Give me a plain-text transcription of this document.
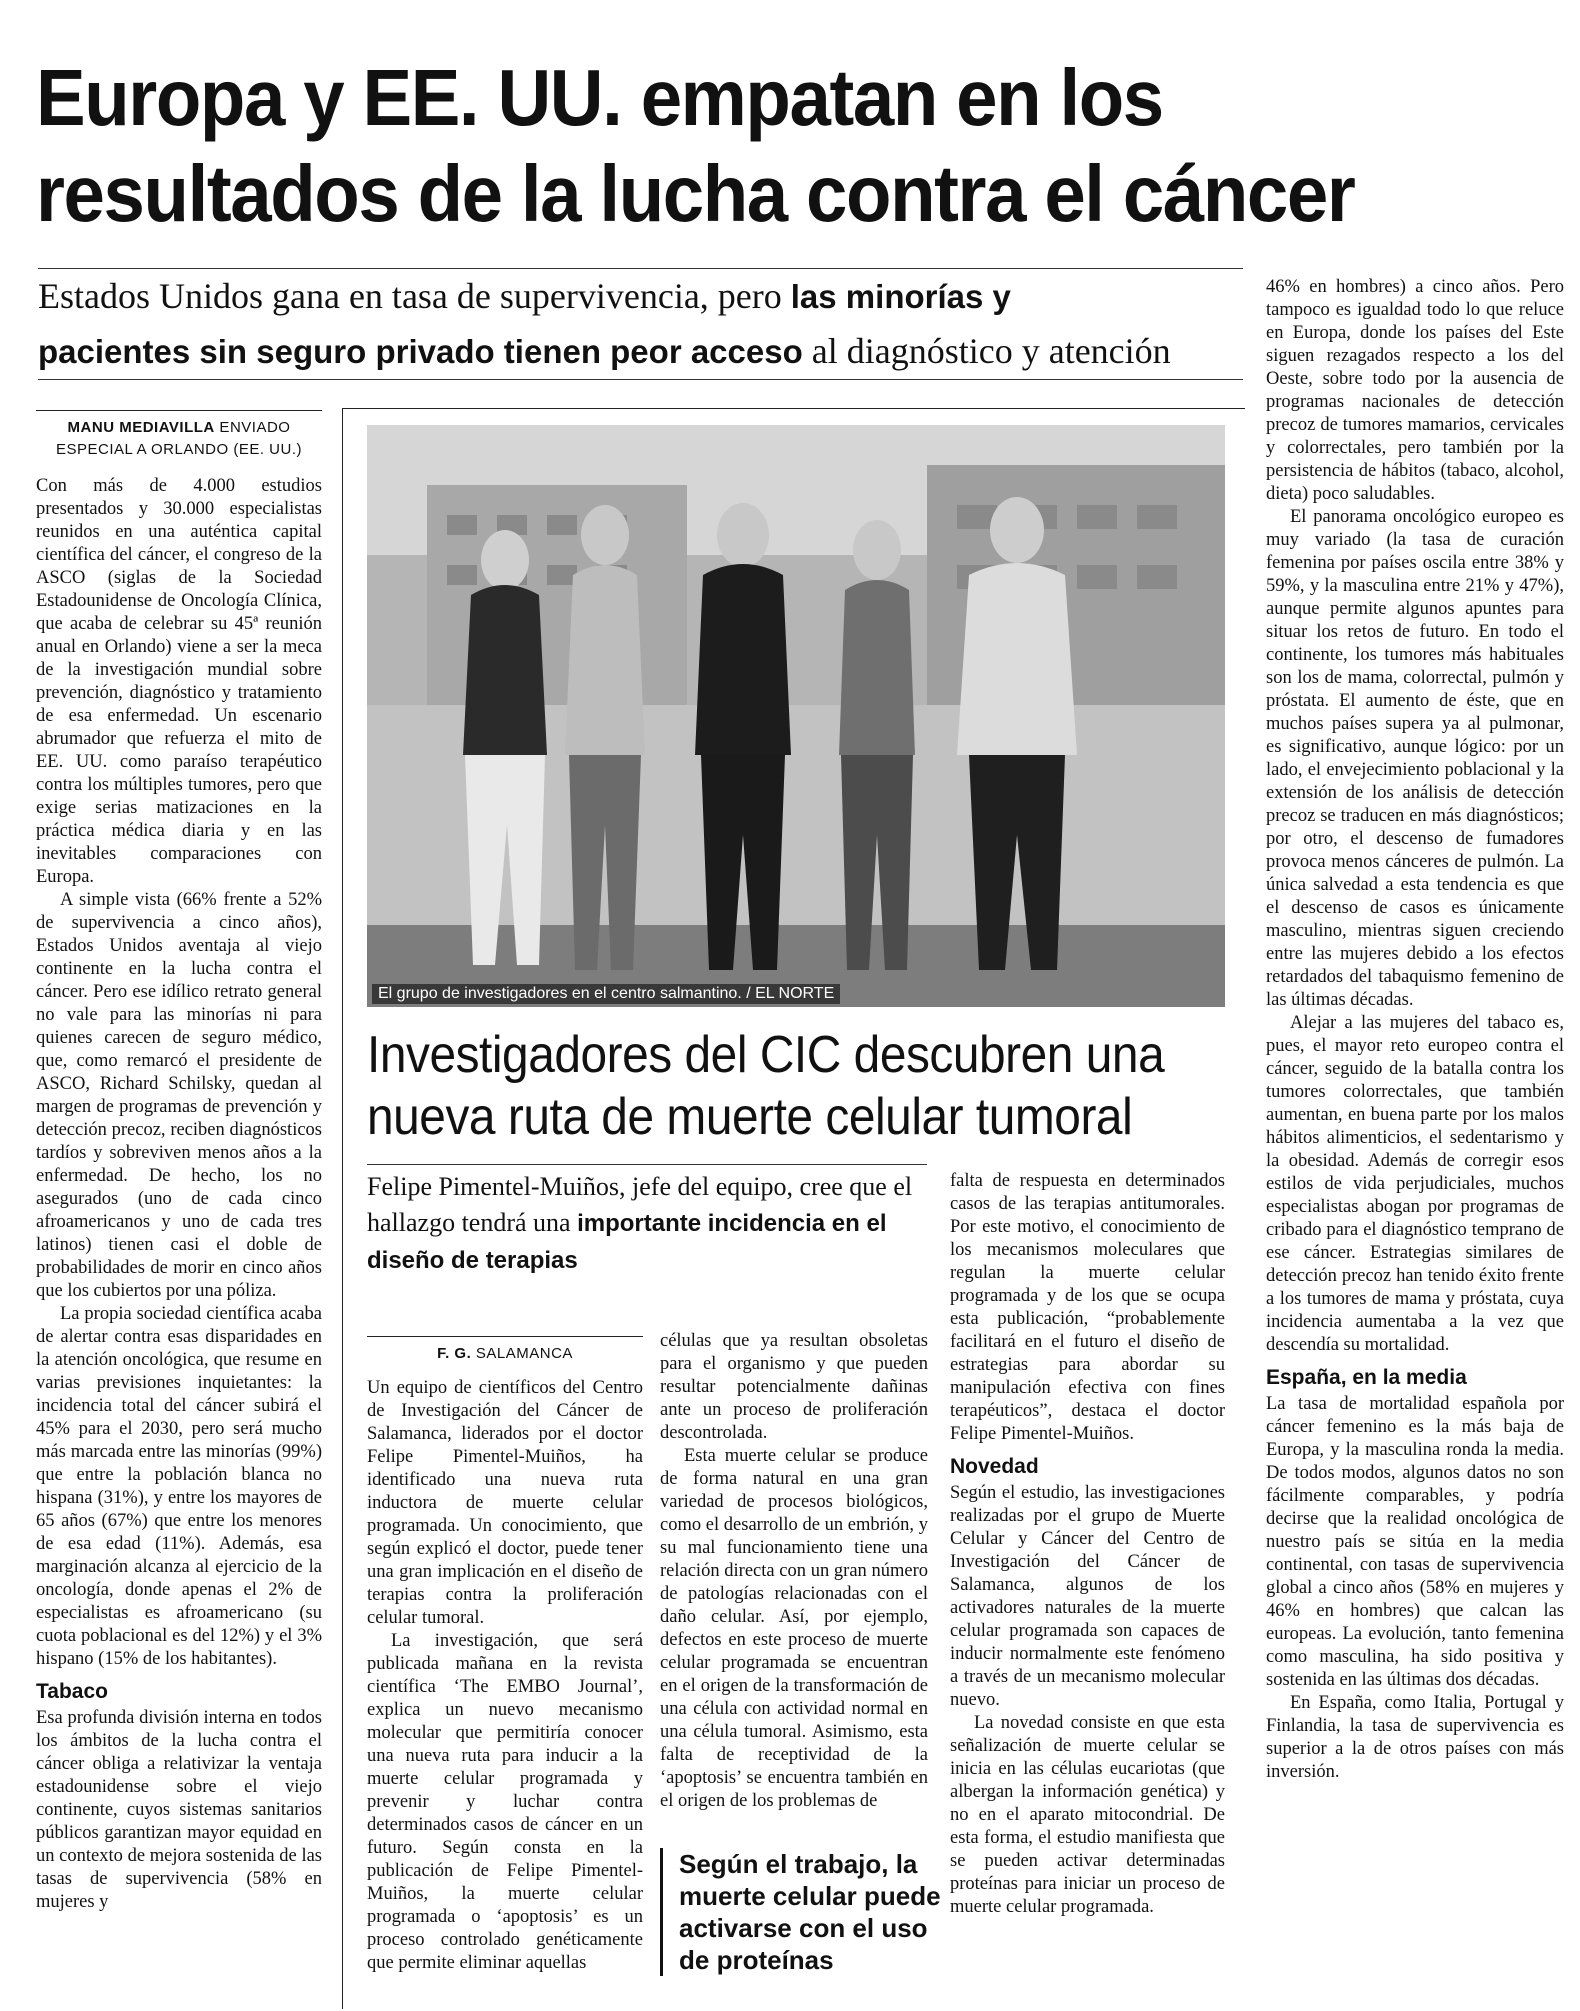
Europa y EE. UU. empatan en los
resultados de la lucha contra el cáncer
Estados Unidos gana en tasa de supervivencia, pero las minorías y
pacientes sin seguro privado tienen peor acceso al diagnóstico y atención
MANU MEDIAVILLA ENVIADO
ESPECIAL A ORLANDO (EE. UU.)

Con más de 4.000 estudios presentados y 30.000 especialistas reunidos en una auténtica capital científica del cáncer, el congreso de la ASCO (siglas de la Sociedad Estadounidense de Oncología Clínica, que acaba de celebrar su 45ª reunión anual en Orlando) viene a ser la meca de la investigación mundial sobre prevención, diagnóstico y tratamiento de esa enfermedad. Un escenario abrumador que refuerza el mito de EE. UU. como paraíso terapéutico contra los múltiples tumores, pero que exige serias matizaciones en la práctica médica diaria y en las inevitables comparaciones con Europa.

A simple vista (66% frente a 52% de supervivencia a cinco años), Estados Unidos aventaja al viejo continente en la lucha contra el cáncer. Pero ese idílico retrato general no vale para las minorías ni para quienes carecen de seguro médico, que, como remarcó el presidente de ASCO, Richard Schilsky, quedan al margen de programas de prevención y detección precoz, reciben diagnósticos tardíos y sobreviven menos años a la enfermedad. De hecho, los no asegurados (uno de cada cinco afroamericanos y uno de cada tres latinos) tienen casi el doble de probabilidades de morir en cinco años que los cubiertos por una póliza.

La propia sociedad científica acaba de alertar contra esas disparidades en la atención oncológica, que resume en varias previsiones inquietantes: la incidencia total del cáncer subirá el 45% para el 2030, pero será mucho más marcada entre las minorías (99%) que entre la población blanca no hispana (31%), y entre los mayores de 65 años (67%) que entre los menores de esa edad (11%). Además, esa marginación alcanza al ejercicio de la oncología, donde apenas el 2% de especialistas es afroamericano (su cuota poblacional es del 12%) y el 3% hispano (15% de los habitantes).

Tabaco

Esa profunda división interna en todos los ámbitos de la lucha contra el cáncer obliga a relativizar la ventaja estadounidense sobre el viejo continente, cuyos sistemas sanitarios públicos garantizan mayor equidad en un contexto de mejora sostenida de las tasas de supervivencia (58% en mujeres y

El grupo de investigadores en el centro salmantino. / EL NORTE
Investigadores del CIC descubren una
nueva ruta de muerte celular tumoral
Felipe Pimentel-Muiños, jefe del equipo, cree que el hallazgo tendrá una importante incidencia en el diseño de terapias
F. G. SALAMANCA

Un equipo de científicos del Centro de Investigación del Cáncer de Salamanca, liderados por el doctor Felipe Pimentel-Muiños, ha identificado una nueva ruta inductora de muerte celular programada. Un conocimiento, que según explicó el doctor, puede tener una gran implicación en el diseño de terapias contra la proliferación celular tumoral.

La investigación, que será publicada mañana en la revista científica ‘The EMBO Journal’, explica un nuevo mecanismo molecular que permitiría conocer una nueva ruta para inducir a la muerte celular programada y prevenir y luchar contra determinados casos de cáncer en un futuro. Según consta en la publicación de Felipe Pimentel-Muiños, la muerte celular programada o ‘apoptosis’ es un proceso controlado genéticamente que permite eliminar aquellas

células que ya resultan obsoletas para el organismo y que pueden resultar potencialmente dañinas ante un proceso de proliferación descontrolada.

Esta muerte celular se produce de forma natural en una gran variedad de procesos biológicos, como el desarrollo de un embrión, y su mal funcionamiento tiene una relación directa con un gran número de patologías relacionadas con el daño celular. Así, por ejemplo, defectos en este proceso de muerte celular programada se encuentran en el origen de la transformación de una célula con actividad normal en una célula tumoral. Asimismo, esta falta de receptividad de la ‘apoptosis’ se encuentra también en el origen de los problemas de

Según el trabajo, la muerte celular puede activarse con el uso de proteínas

falta de respuesta en determinados casos de las terapias antitumorales. Por este motivo, el conocimiento de los mecanismos moleculares que regulan la muerte celular programada y de los que se ocupa esta publicación, “probablemente facilitará en el futuro el diseño de estrategias para abordar su manipulación efectiva con fines terapéuticos”, destaca el doctor Felipe Pimentel-Muiños.

Novedad

Según el estudio, las investigaciones realizadas por el grupo de Muerte Celular y Cáncer del Centro de Investigación del Cáncer de Salamanca, algunos de los activadores naturales de la muerte celular programada son capaces de inducir normalmente este fenómeno a través de un mecanismo molecular nuevo.

La novedad consiste en que esta señalización de muerte celular se inicia en las células eucariotas (que albergan la información genética) y no en el aparato mitocondrial. De esta forma, el estudio manifiesta que se pueden activar determinadas proteínas para iniciar un proceso de muerte celular programada.

46% en hombres) a cinco años. Pero tampoco es igualdad todo lo que reluce en Europa, donde los países del Este siguen rezagados respecto a los del Oeste, sobre todo por la ausencia de programas nacionales de detección precoz de tumores mamarios, cervicales y colorrectales, pero también por la persistencia de hábitos (tabaco, alcohol, dieta) poco saludables.

El panorama oncológico europeo es muy variado (la tasa de curación femenina por países oscila entre 38% y 59%, y la masculina entre 21% y 47%), aunque permite algunos apuntes para situar los retos de futuro. En todo el continente, los tumores más habituales son los de mama, colorrectal, pulmón y próstata. El aumento de éste, que en muchos países supera ya al pulmonar, es significativo, aunque lógico: por un lado, el envejecimiento poblacional y la extensión de los análisis de detección precoz se traducen en más diagnósticos; por otro, el descenso de fumadores provoca menos cánceres de pulmón. La única salvedad a esta tendencia es que el descenso de casos es únicamente masculino, mientras siguen creciendo entre las mujeres debido a los efectos retardados del tabaquismo femenino de las últimas décadas.

Alejar a las mujeres del tabaco es, pues, el mayor reto europeo contra el cáncer, seguido de la batalla contra los tumores colorrectales, que también aumentan, en buena parte por los malos hábitos alimenticios, el sedentarismo y la obesidad. Además de corregir esos estilos de vida perjudiciales, muchos especialistas abogan por programas de cribado para el diagnóstico temprano de ese cáncer. Estrategias similares de detección precoz han tenido éxito frente a los tumores de mama y próstata, cuya incidencia aumentaba a la vez que descendía su mortalidad.

España, en la media

La tasa de mortalidad española por cáncer femenino es la más baja de Europa, y la masculina ronda la media. De todos modos, algunos datos no son fácilmente comparables, y podría decirse que la realidad oncológica de nuestro país se sitúa en la media continental, con tasas de supervivencia global a cinco años (58% en mujeres y 46% en hombres) que calcan las europeas. La evolución, tanto femenina como masculina, ha sido positiva y sostenida en las últimas dos décadas.

En España, como Italia, Portugal y Finlandia, la tasa de supervivencia es superior a la de otros países con más inversión.
